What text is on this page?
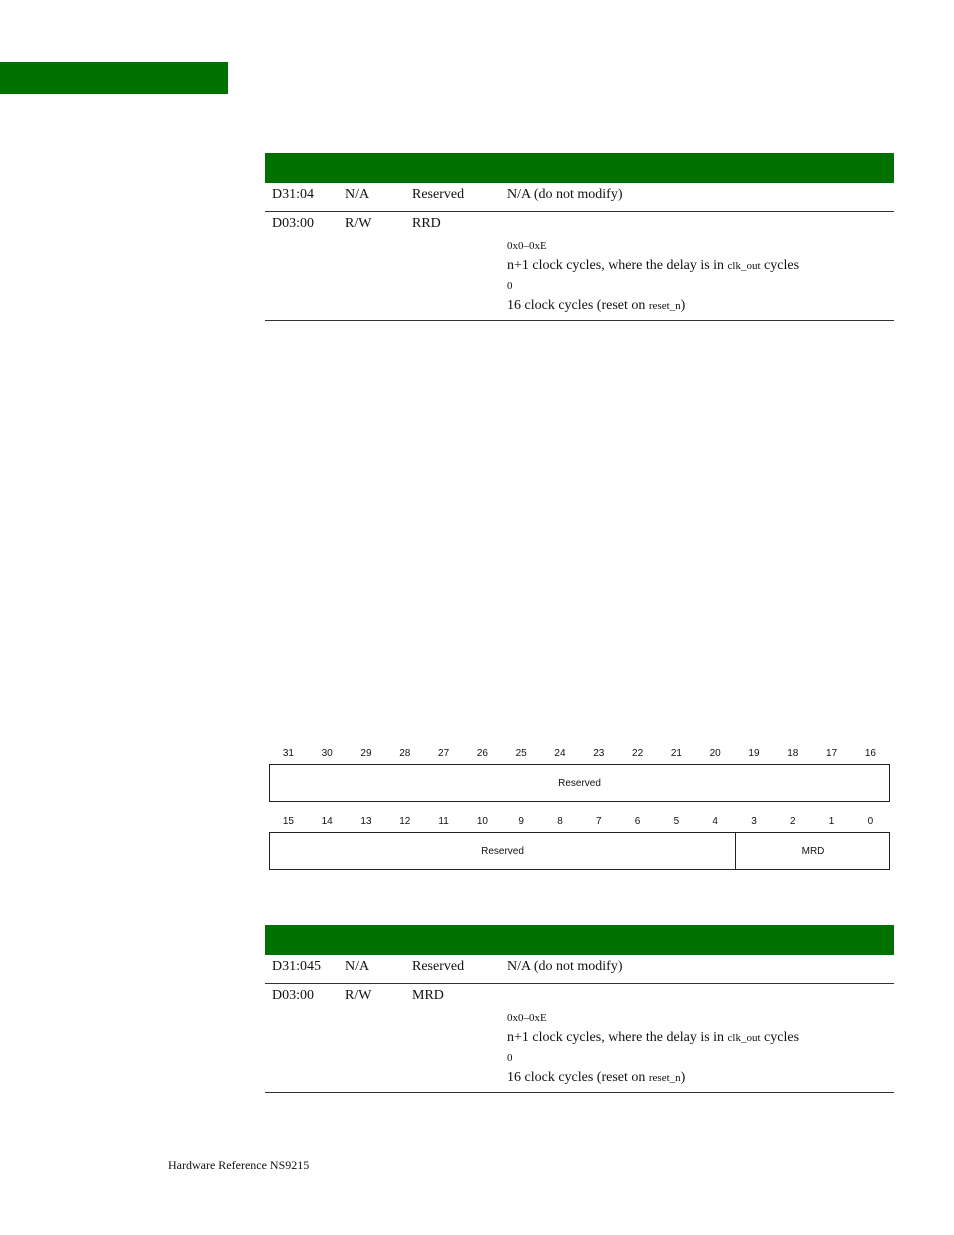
D31:04 N/A	Reserved	N/A (do not modify)
D03:00 R/W	RRD
0x0–0xE
n+1 clock cycles, where the delay is in clk_out cycles
0
16 clock cycles (reset on reset_n)
31	30	29	28	27	26	25	24	23	22	21	20	19	18	17	16
Reserved
15	14	13	12	11	10	9	8	7	6	5	4	3	2	1	0
Reserved	MRD
D31:045 N/A	Reserved	N/A (do not modify)
D03:00 R/W	MRD
0x0–0xE
n+1 clock cycles, where the delay is in clk_out cycles
0
16 clock cycles (reset on reset_n)
Hardware Reference NS9215
